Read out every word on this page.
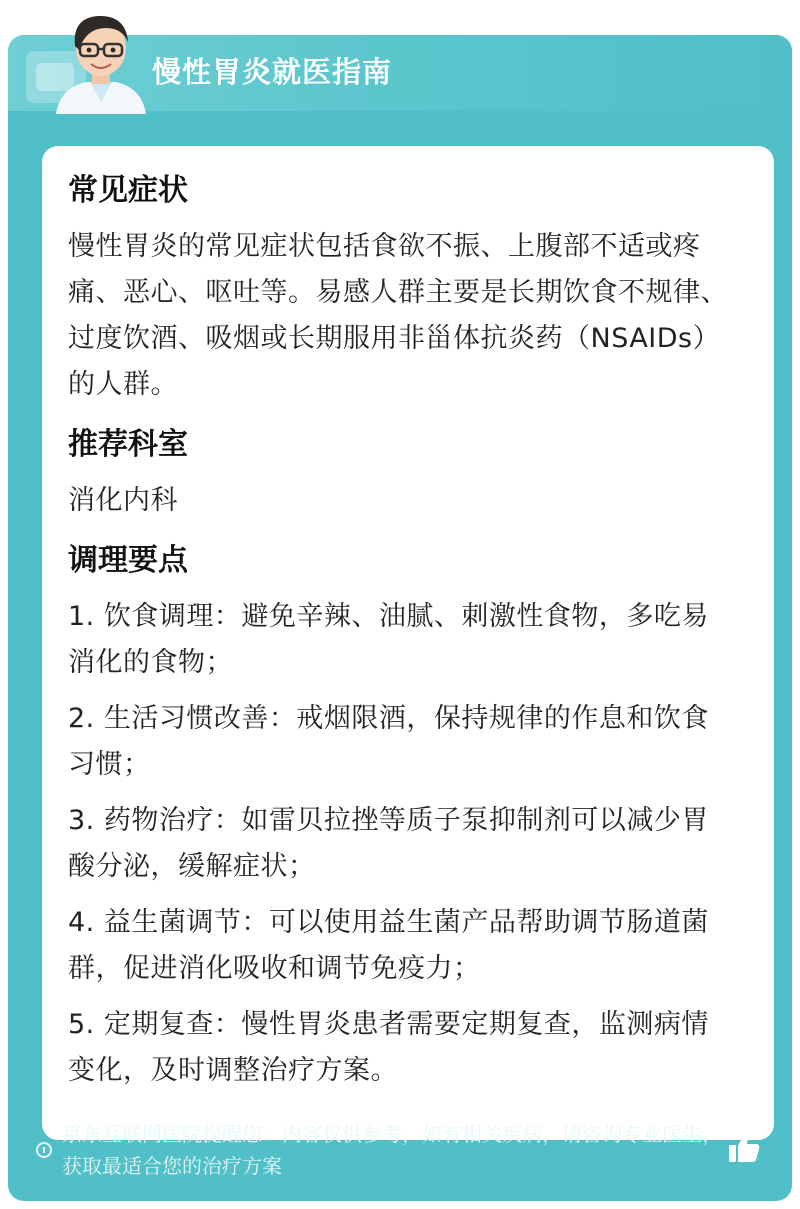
常见症状
慢性胃炎的常见症状包括食欲不振、上腹部不适或疼痛、恶心、呕吐等。易感人群主要是长期饮食不规律、过度饮酒、吸烟或长期服用非甾体抗炎药（NSAIDs）的人群。
推荐科室
消化内科
调理要点
1. 饮食调理：避免辛辣、油腻、刺激性食物，多吃易消化的食物；
2. 生活习惯改善：戒烟限酒，保持规律的作息和饮食习惯；
3. 药物治疗：如雷贝拉挫等质子泵抑制剂可以减少胃酸分泌，缓解症状；
4. 益生菌调节：可以使用益生菌产品帮助调节肠道菌群，促进消化吸收和调节免疫力；
5. 定期复查：慢性胃炎患者需要定期复查，监测病情变化，及时调整治疗方案。
慢性胃炎就医指南
京东互联网医院提醒您：内容仅供参考，如有相关疾病，请咨询专业医生，获取最适合您的治疗方案
